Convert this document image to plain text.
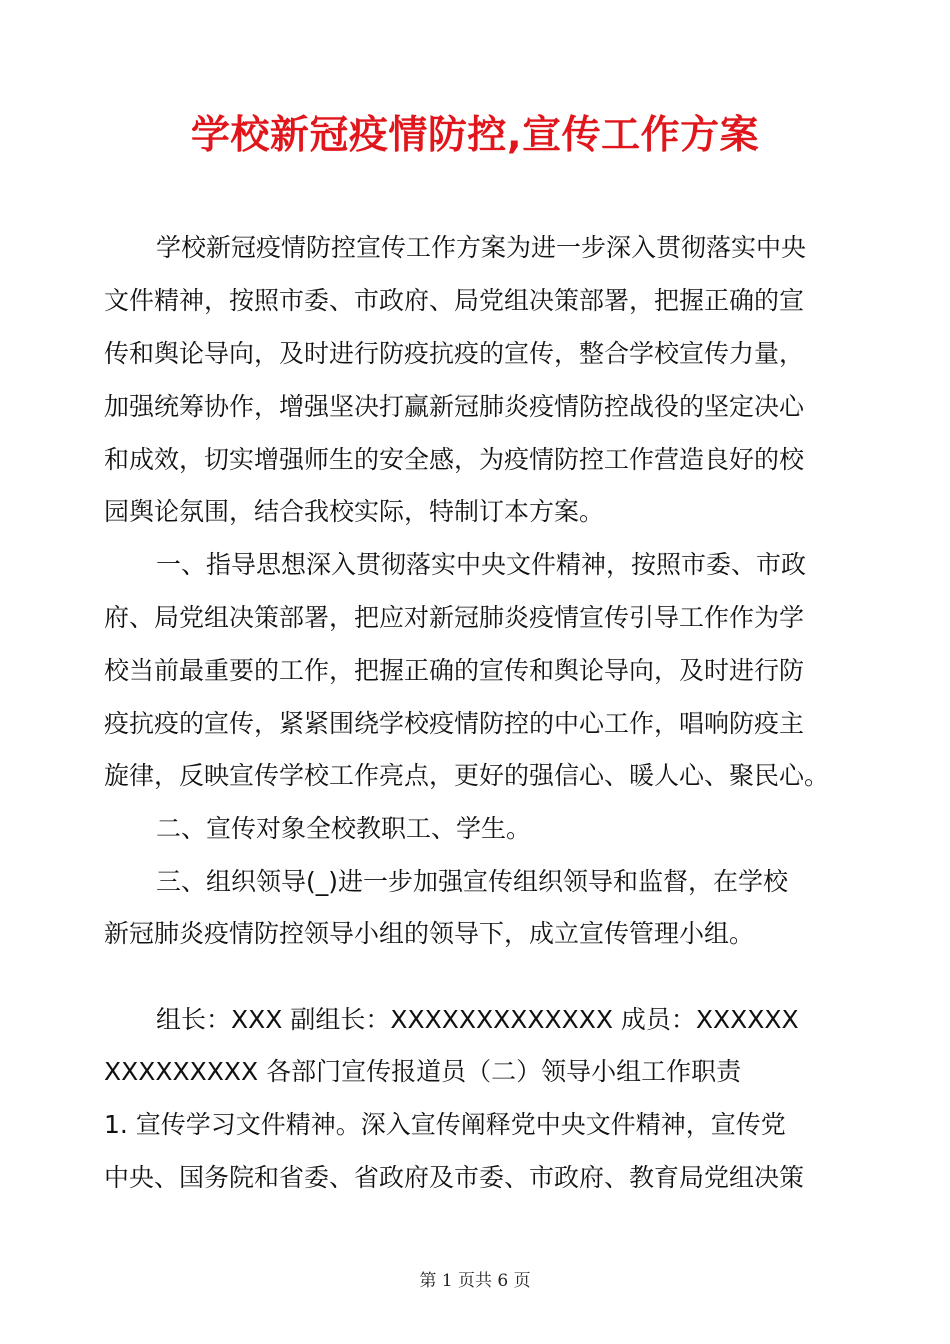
学校新冠疫情防控,宣传工作方案

学校新冠疫情防控宣传工作方案为进一步深入贯彻落实中央

文件精神，按照市委、市政府、局党组决策部署，把握正确的宣

传和舆论导向，及时进行防疫抗疫的宣传，整合学校宣传力量，

加强统筹协作，增强坚决打赢新冠肺炎疫情防控战役的坚定决心

和成效，切实增强师生的安全感，为疫情防控工作营造良好的校

园舆论氛围，结合我校实际，特制订本方案。

一、指导思想深入贯彻落实中央文件精神，按照市委、市政

府、局党组决策部署，把应对新冠肺炎疫情宣传引导工作作为学

校当前最重要的工作，把握正确的宣传和舆论导向，及时进行防

疫抗疫的宣传，紧紧围绕学校疫情防控的中心工作，唱响防疫主

旋律，反映宣传学校工作亮点，更好的强信心、暖人心、聚民心。

二、宣传对象全校教职工、学生。

三、组织领导(_)进一步加强宣传组织领导和监督，在学校

新冠肺炎疫情防控领导小组的领导下，成立宣传管理小组。

组长：XXX 副组长：XXXXXXXXXXXXX 成员：XXXXXX

XXXXXXXXX 各部门宣传报道员（二）领导小组工作职责

1. 宣传学习文件精神。深入宣传阐释党中央文件精神，宣传党

中央、国务院和省委、省政府及市委、市政府、教育局党组决策

第 1 页共 6 页
